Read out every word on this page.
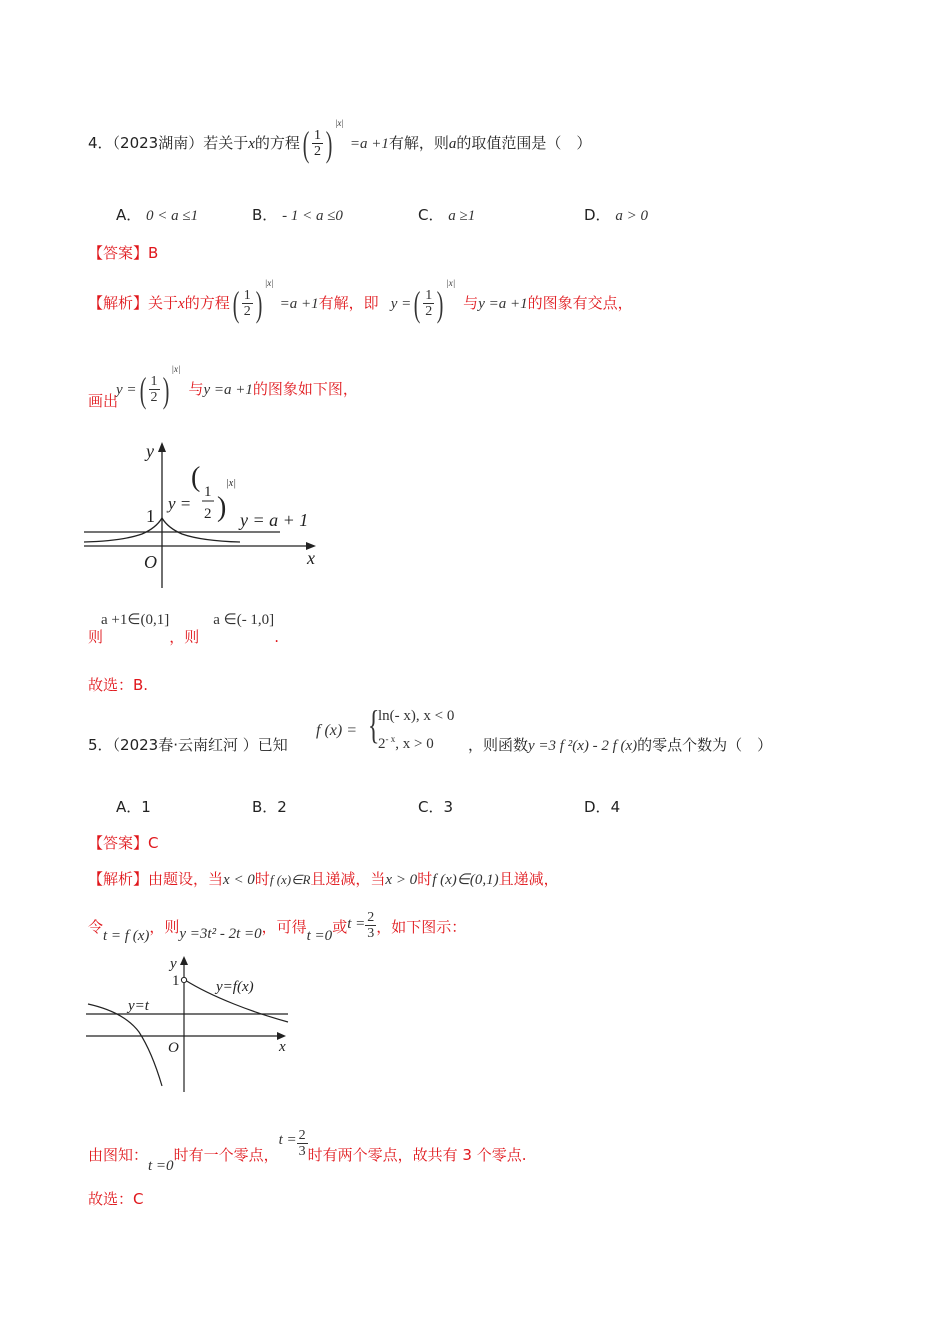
4．（2023湖南）若关于x的方程( $\frac{1}{2} )^{|x|}=a +1$有解，则a的取值范围是（　）
A． 0 < a ≤1	B． - 1 < a ≤0	C． a ≥1	D． a > 0
【答案】B
【解析】关于x的方程( $\frac{1}{2} )^{|x|}=a +1$有解，即 y =( $\frac{1}{2} )^{|x|}$与y =a +1的图象有交点，
画出y =( $\frac{1}{2} )^{|x|}$与y =a +1的图象如下图，
y
x
O
1
y =
( 1
2 )
|x|
y = a + 1
则a +1∈(0,1]，则a ∈(- 1,0].
故选：B.
5．（2023春·云南红河 ）已知
f (x) = {
ln(- x), x < 0
$2^{- x}$, x > 0 ，则函数y =3 f ²(x) - 2 f (x)的零点个数为（　）
A．1	B．2	C．3	D．4
【答案】C
【解析】由题设，当x < 0时f (x)∈R且递减，当x > 0时f (x)∈(0,1)且递减，
令t = f (x)，则y =3t² - 2t =0，可得t =0或$t = \frac{2}{3}$ ，如下图示：
y
x
O
1 y=f(x)
y=t
由图知：t =0时有一个零点，$t = \frac{2}{3}$ 时有两个零点，故共有 3 个零点.
故选：C
